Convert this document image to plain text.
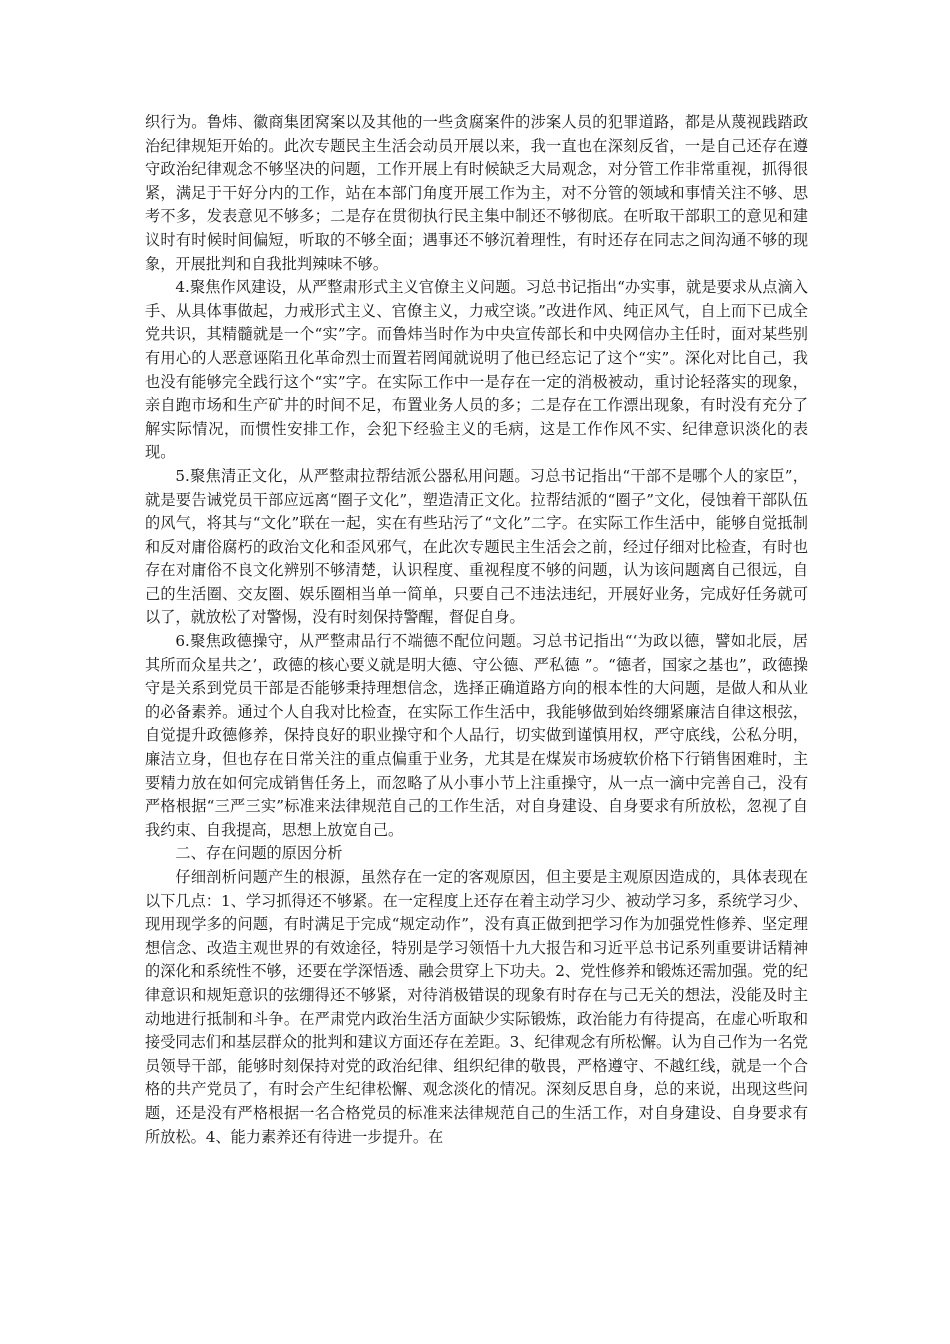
织行为。鲁炜、徽商集团窝案以及其他的一些贪腐案件的涉案人员的犯罪道路，都是从蔑视践踏政治纪律规矩开始的。此次专题民主生活会动员开展以来，我一直也在深刻反省，一是自己还存在遵守政治纪律观念不够坚决的问题，工作开展上有时候缺乏大局观念，对分管工作非常重视，抓得很紧，满足于干好分内的工作，站在本部门角度开展工作为主，对不分管的领域和事情关注不够、思考不多，发表意见不够多；二是存在贯彻执行民主集中制还不够彻底。在听取干部职工的意见和建议时有时候时间偏短，听取的不够全面；遇事还不够沉着理性，有时还存在同志之间沟通不够的现象，开展批判和自我批判辣味不够。

4.聚焦作风建设，从严整肃形式主义官僚主义问题。习总书记指出“办实事，就是要求从点滴入手、从具体事做起，力戒形式主义、官僚主义，力戒空谈。”改进作风、纯正风气，自上而下已成全党共识，其精髓就是一个“实”字。而鲁炜当时作为中央宣传部长和中央网信办主任时，面对某些别有用心的人恶意诬陷丑化革命烈士而置若罔闻就说明了他已经忘记了这个“实”。深化对比自己，我也没有能够完全践行这个“实”字。在实际工作中一是存在一定的消极被动，重讨论轻落实的现象，亲自跑市场和生产矿井的时间不足，布置业务人员的多；二是存在工作漂出现象，有时没有充分了解实际情况，而惯性安排工作，会犯下经验主义的毛病，这是工作作风不实、纪律意识淡化的表现。

5.聚焦清正文化，从严整肃拉帮结派公器私用问题。习总书记指出“干部不是哪个人的家臣”，就是要告诫党员干部应远离“圈子文化”，塑造清正文化。拉帮结派的“圈子”文化，侵蚀着干部队伍的风气，将其与“文化”联在一起，实在有些玷污了“文化”二字。在实际工作生活中，能够自觉抵制和反对庸俗腐朽的政治文化和歪风邪气，在此次专题民主生活会之前，经过仔细对比检查，有时也存在对庸俗不良文化辨别不够清楚，认识程度、重视程度不够的问题，认为该问题离自己很远，自己的生活圈、交友圈、娱乐圈相当单一简单，只要自己不违法违纪，开展好业务，完成好任务就可以了，就放松了对警惕，没有时刻保持警醒，督促自身。

6.聚焦政德操守，从严整肃品行不端德不配位问题。习总书记指出“‘为政以德，譬如北辰，居其所而众星共之’，政德的核心要义就是明大德、守公德、严私德 ”。“德者，国家之基也”，政德操守是关系到党员干部是否能够秉持理想信念，选择正确道路方向的根本性的大问题，是做人和从业的必备素养。通过个人自我对比检查，在实际工作生活中，我能够做到始终绷紧廉洁自律这根弦，自觉提升政德修养，保持良好的职业操守和个人品行，切实做到谨慎用权，严守底线，公私分明，廉洁立身，但也存在日常关注的重点偏重于业务，尤其是在煤炭市场疲软价格下行销售困难时，主要精力放在如何完成销售任务上，而忽略了从小事小节上注重操守，从一点一滴中完善自己，没有严格根据“三严三实”标准来法律规范自己的工作生活，对自身建设、自身要求有所放松，忽视了自我约束、自我提高，思想上放宽自己。

二、存在问题的原因分析

仔细剖析问题产生的根源，虽然存在一定的客观原因，但主要是主观原因造成的，具体表现在以下几点：1、学习抓得还不够紧。在一定程度上还存在着主动学习少、被动学习多，系统学习少、现用现学多的问题，有时满足于完成“规定动作”，没有真正做到把学习作为加强党性修养、坚定理想信念、改造主观世界的有效途径，特别是学习领悟十九大报告和习近平总书记系列重要讲话精神的深化和系统性不够，还要在学深悟透、融会贯穿上下功夫。2、党性修养和锻炼还需加强。党的纪律意识和规矩意识的弦绷得还不够紧，对待消极错误的现象有时存在与己无关的想法，没能及时主动地进行抵制和斗争。在严肃党内政治生活方面缺少实际锻炼，政治能力有待提高，在虚心听取和接受同志们和基层群众的批判和建议方面还存在差距。3、纪律观念有所松懈。认为自己作为一名党员领导干部，能够时刻保持对党的政治纪律、组织纪律的敬畏，严格遵守、不越红线，就是一个合格的共产党员了，有时会产生纪律松懈、观念淡化的情况。深刻反思自身，总的来说，出现这些问题，还是没有严格根据一名合格党员的标准来法律规范自己的生活工作，对自身建设、自身要求有所放松。4、能力素养还有待进一步提升。在
